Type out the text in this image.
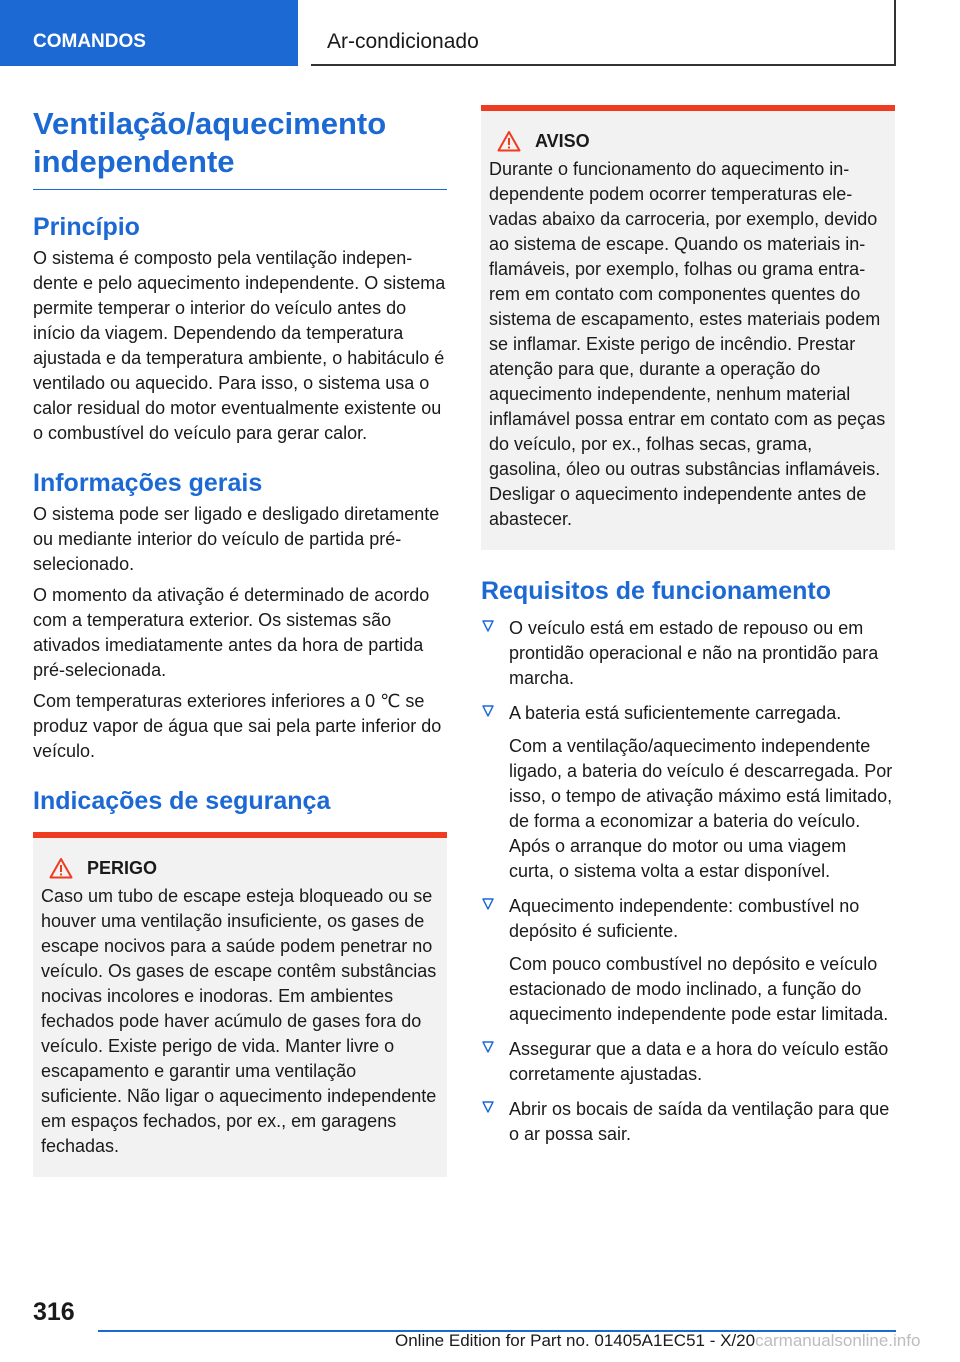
COMANDOS	Ar-condicionado
Ventilação/aquecimento independente
Princípio

O sistema é composto pela ventilação independente e pelo aquecimento independente. O sistema permite temperar o interior do veículo antes do início da viagem. Dependendo da temperatura ajustada e da temperatura ambiente, o habitáculo é ventilado ou aquecido. Para isso, o sistema usa o calor residual do motor eventualmente existente ou o combustível do veículo para gerar calor.

Informações gerais

O sistema pode ser ligado e desligado diretamente ou mediante interior do veículo de partida pré-selecionado.

O momento da ativação é determinado de acordo com a temperatura exterior. Os sistemas são ativados imediatamente antes da hora de partida pré-selecionada.

Com temperaturas exteriores inferiores a 0 ℃ se produz vapor de água que sai pela parte inferior do veículo.

Indicações de segurança
PERIGO

Caso um tubo de escape esteja bloqueado ou se houver uma ventilação insuficiente, os gases de escape nocivos para a saúde podem penetrar no veículo. Os gases de escape contêm substâncias nocivas incolores e inodoras. Em ambientes fechados pode haver acúmulo de gases fora do veículo. Existe perigo de vida. Manter livre o escapamento e garantir uma ventilação suficiente. Não ligar o aquecimento independente em espaços fechados, por ex., em garagens fechadas.

AVISO

Durante o funcionamento do aquecimento independente podem ocorrer temperaturas elevadas abaixo da carroceria, por exemplo, devido ao sistema de escape. Quando os materiais inflamáveis, por exemplo, folhas ou grama entrarem em contato com componentes quentes do sistema de escapamento, estes materiais podem se inflamar. Existe perigo de incêndio. Prestar atenção para que, durante a operação do aquecimento independente, nenhum material inflamável possa entrar em contato com as peças do veículo, por ex., folhas secas, grama, gasolina, óleo ou outras substâncias inflamáveis. Desligar o aquecimento independente antes de abastecer.

Requisitos de funcionamento

O veículo está em estado de repouso ou em prontidão operacional e não na prontidão para marcha.

A bateria está suficientemente carregada.

Com a ventilação/aquecimento independente ligado, a bateria do veículo é descarregada. Por isso, o tempo de ativação máximo está limitado, de forma a economizar a bateria do veículo. Após o arranque do motor ou uma viagem curta, o sistema volta a estar disponível.

Aquecimento independente: combustível no depósito é suficiente.

Com pouco combustível no depósito e veículo estacionado de modo inclinado, a função do aquecimento independente pode estar limitada.

Assegurar que a data e a hora do veículo estão corretamente ajustadas.

Abrir os bocais de saída da ventilação para que o ar possa sair.

316
Online Edition for Part no. 01405A1EC51 - X/20carmanualsonline.info
